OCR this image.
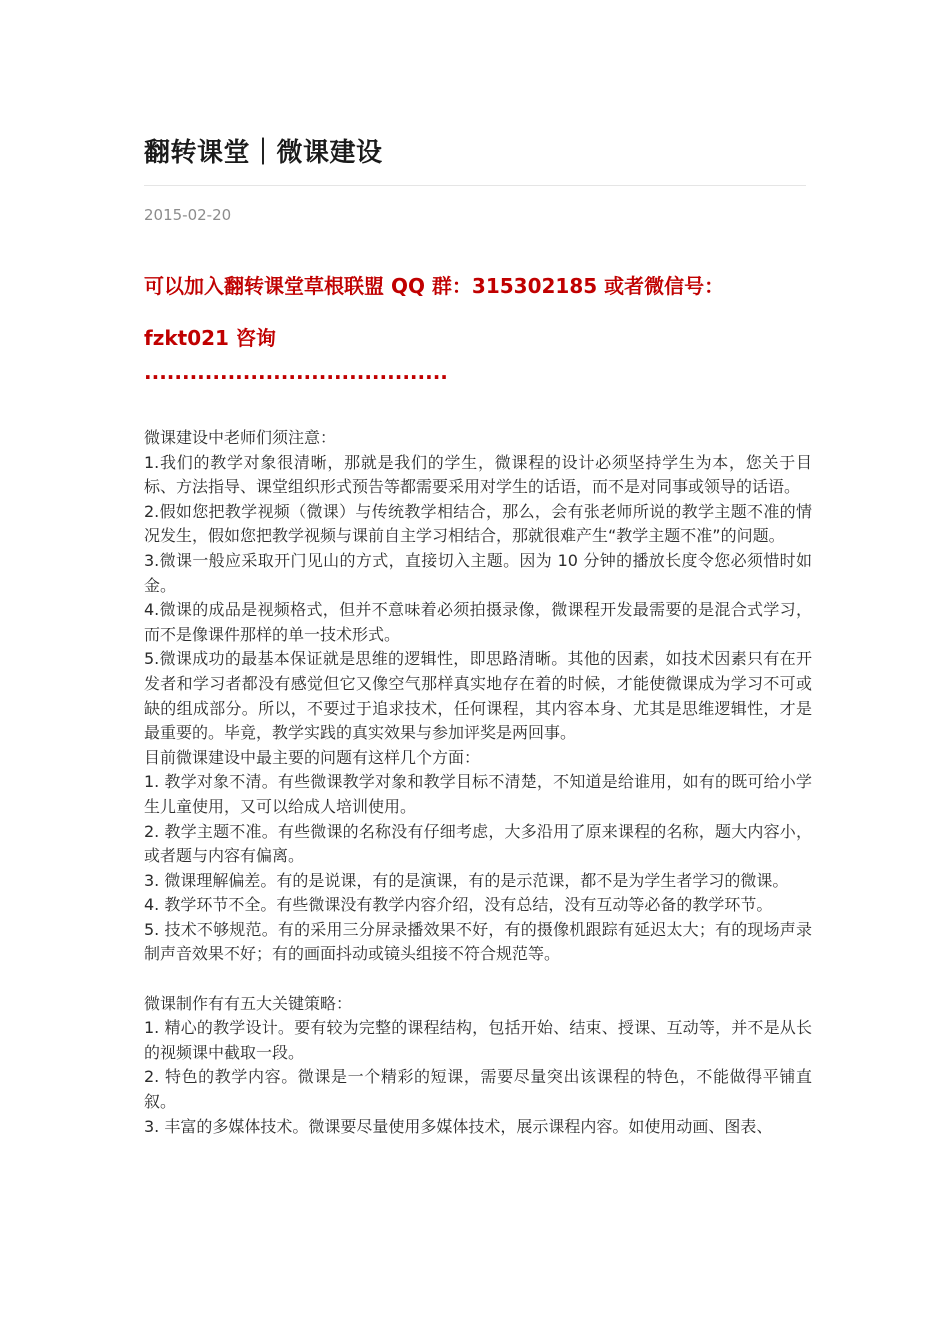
翻转课堂｜微课建设
2015-02-20
可以加入翻转课堂草根联盟 QQ 群：315302185 或者微信号：
fzkt021 咨询
........................................

微课建设中老师们须注意：

1.我们的教学对象很清晰，那就是我们的学生，微课程的设计必须坚持学生为本，您关于目标、方法指导、课堂组织形式预告等都需要采用对学生的话语，而不是对同事或领导的话语。

2.假如您把教学视频（微课）与传统教学相结合，那么，会有张老师所说的教学主题不准的情况发生，假如您把教学视频与课前自主学习相结合，那就很难产生“教学主题不准”的问题。

3.微课一般应采取开门见山的方式，直接切入主题。因为 10 分钟的播放长度令您必须惜时如金。

4.微课的成品是视频格式，但并不意味着必须拍摄录像，微课程开发最需要的是混合式学习，而不是像课件那样的单一技术形式。

5.微课成功的最基本保证就是思维的逻辑性，即思路清晰。其他的因素，如技术因素只有在开发者和学习者都没有感觉但它又像空气那样真实地存在着的时候，才能使微课成为学习不可或缺的组成部分。所以，不要过于追求技术，任何课程，其内容本身、尤其是思维逻辑性，才是最重要的。毕竟，教学实践的真实效果与参加评奖是两回事。

目前微课建设中最主要的问题有这样几个方面：

1. 教学对象不清。有些微课教学对象和教学目标不清楚，不知道是给谁用，如有的既可给小学生儿童使用，又可以给成人培训使用。

2. 教学主题不准。有些微课的名称没有仔细考虑，大多沿用了原来课程的名称，题大内容小，或者题与内容有偏离。

3. 微课理解偏差。有的是说课，有的是演课，有的是示范课，都不是为学生者学习的微课。

4. 教学环节不全。有些微课没有教学内容介绍，没有总结，没有互动等必备的教学环节。

5. 技术不够规范。有的采用三分屏录播效果不好，有的摄像机跟踪有延迟太大；有的现场声录制声音效果不好；有的画面抖动或镜头组接不符合规范等。

微课制作有有五大关键策略：

1. 精心的教学设计。要有较为完整的课程结构，包括开始、结束、授课、互动等，并不是从长的视频课中截取一段。

2. 特色的教学内容。微课是一个精彩的短课，需要尽量突出该课程的特色，不能做得平铺直叙。

3. 丰富的多媒体技术。微课要尽量使用多媒体技术，展示课程内容。如使用动画、图表、
